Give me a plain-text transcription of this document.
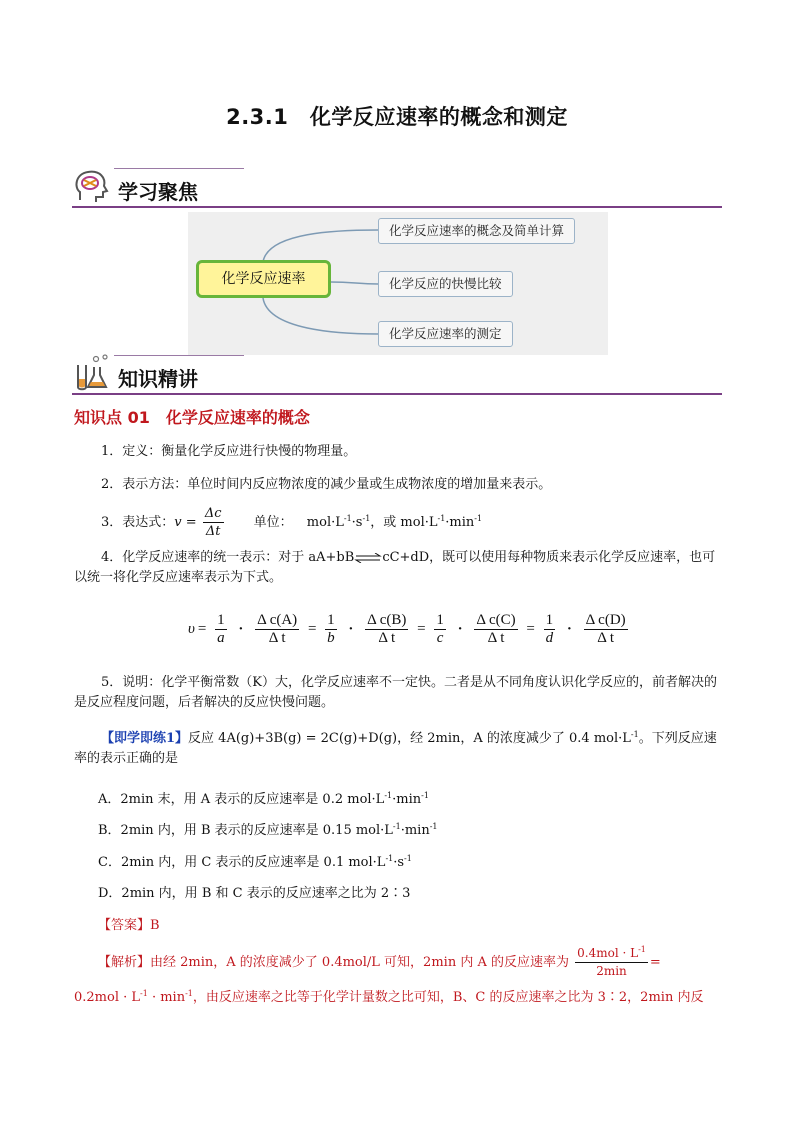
2.3.1　化学反应速率的概念和测定
学习聚焦
化学反应速率
化学反应速率的概念及简单计算
化学反应的快慢比较
化学反应速率的测定
知识精讲
知识点 01　化学反应速率的概念
1．定义：衡量化学反应进行快慢的物理量。
2．表示方法：单位时间内反应物浓度的减少量或生成物浓度的增加量来表示。
3．表达式：$v = \frac{\Delta c}{\Delta t}$ 单位： $mol\cdot L^{-1}\cdot s^{-1}$，或 $mol\cdot L^{-1}\cdot\min^{-1}$
4．化学反应速率的统一表示：对于 aA+bB⇌cC+dD，既可以使用每种物质来表示化学反应速率，也可以统一将化学反应速率表示为下式。
$\upsilon = \frac{1}{a} \cdot \frac{\text{Δ c(A)}}{\text{Δ t}} = \frac{1}{b} \cdot \frac{\text{Δ c(B)}}{\text{Δ t}} = \frac{1}{c} \cdot \frac{\text{Δ c(C)}}{\text{Δ t}} = \frac{1}{d} \cdot \frac{\text{Δ c(D)}}{\text{Δ t}}$
5．说明：化学平衡常数（K）大，化学反应速率不一定快。二者是从不同角度认识化学反应的，前者解决的是反应程度问题，后者解决的反应快慢问题。
【即学即练1】反应 4A(g)+3B(g) = 2C(g)+D(g)，经 2min，A 的浓度减少了 0.4 $mol\cdot L^{-1}$。下列反应速率的表示正确的是
A．2min 末，用 A 表示的反应速率是 0.2 $mol\cdot L^{-1}\cdot\min^{-1}$
B．2min 内，用 B 表示的反应速率是 0.15 $mol\cdot L^{-1}\cdot\min^{-1}$
C．2min 内，用 C 表示的反应速率是 0.1 $mol\cdot L^{-1}\cdot s^{-1}$
D．2min 内，用 B 和 C 表示的反应速率之比为 2∶3
【答案】B
【解析】由经 2min，A 的浓度减少了 0.4mol/L 可知，2min 内 A 的反应速率为 $\frac{0.4mol \cdot L^{-1}}{2\min}$ =
$0.2mol \cdot L^{-1} \cdot \min^{-1}$，由反应速率之比等于化学计量数之比可知，B、C 的反应速率之比为 3∶2，2min 内反
